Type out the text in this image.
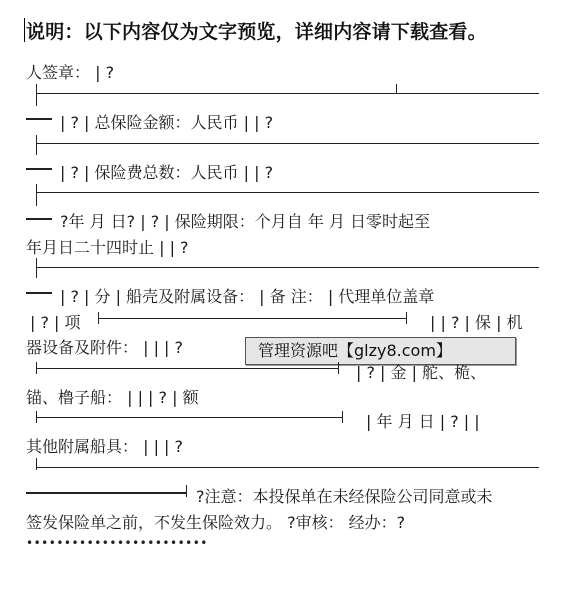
说明：以下内容仅为文字预览，详细内容请下载查看。
人签章： | ?
| ? | 总保险金额：人民币 | | ?
| ? | 保险费总数：人民币 | | ?
?年 月 日? | ? | 保险期限：个月自 年 月 日零时起至
年月日二十四时止 | | ?
| ? | 分 | 船壳及附属设备： | 备 注： | 代理单位盖章
| ? | 项	| | ? | 保 | 机
器设备及附件： | | | ?	管理资源吧【glzy8.com】
| ? | 金 | 舵、桅、
锚、橹子船： | | | ? | 额
| 年 月 日 | ? | |
其他附属船具： | | | ?
?注意：本投保单在未经保险公司同意或未
签发保险单之前，不发生保险效力。 ?审核： 经办：?
••••••••••••••••••••••••
